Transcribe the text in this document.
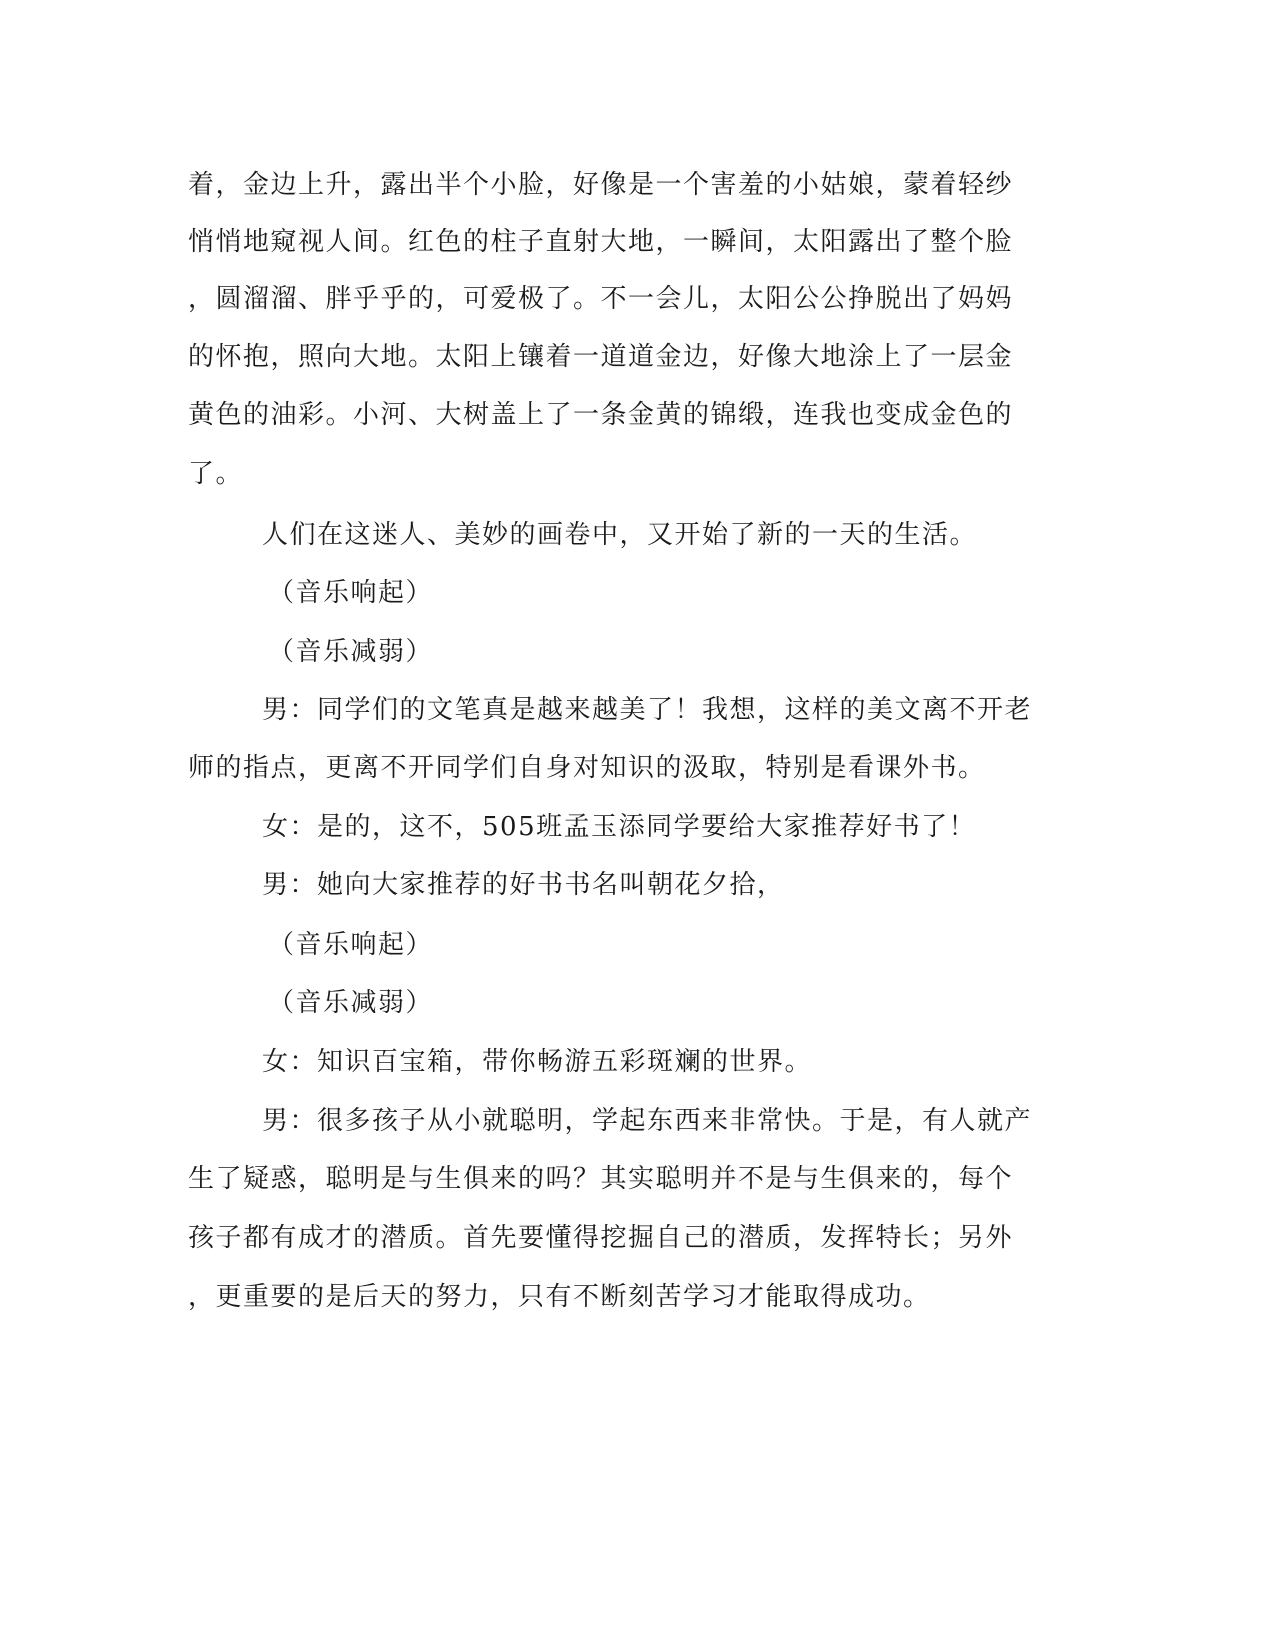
着，金边上升，露出半个小脸，好像是一个害羞的小姑娘，蒙着轻纱

悄悄地窥视人间。红色的柱子直射大地，一瞬间，太阳露出了整个脸

，圆溜溜、胖乎乎的，可爱极了。不一会儿，太阳公公挣脱出了妈妈

的怀抱，照向大地。太阳上镶着一道道金边，好像大地涂上了一层金

黄色的油彩。小河、大树盖上了一条金黄的锦缎，连我也变成金色的

了。

人们在这迷人、美妙的画卷中，又开始了新的一天的生活。

（音乐响起）

（音乐减弱）

男：同学们的文笔真是越来越美了！我想，这样的美文离不开老

师的指点，更离不开同学们自身对知识的汲取，特别是看课外书。

女：是的，这不，505班孟玉添同学要给大家推荐好书了！

男：她向大家推荐的好书书名叫朝花夕拾，

（音乐响起）

（音乐减弱）

女：知识百宝箱，带你畅游五彩斑斓的世界。

男：很多孩子从小就聪明，学起东西来非常快。于是，有人就产

生了疑惑，聪明是与生俱来的吗？其实聪明并不是与生俱来的，每个

孩子都有成才的潜质。首先要懂得挖掘自己的潜质，发挥特长；另外

，更重要的是后天的努力，只有不断刻苦学习才能取得成功。
